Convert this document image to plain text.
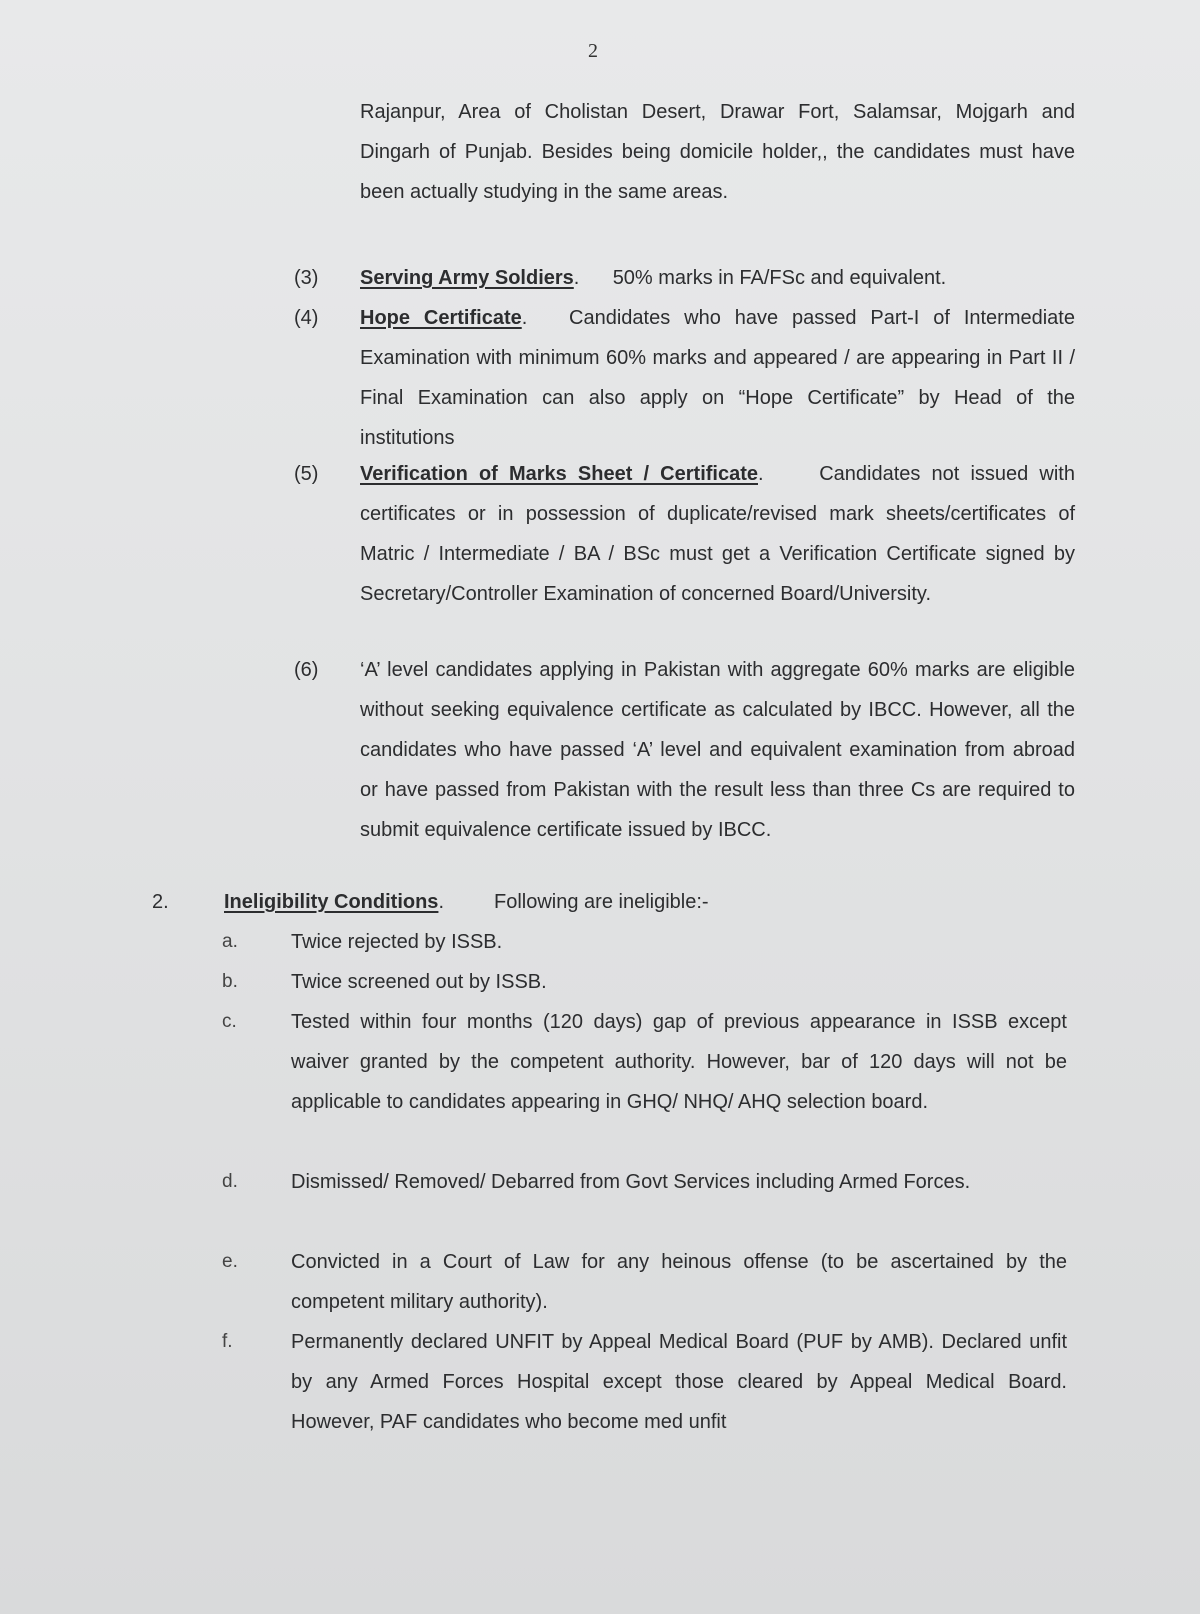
2
Rajanpur, Area of Cholistan Desert, Drawar Fort, Salamsar, Mojgarh and Dingarh of Punjab. Besides being domicile holder,, the candidates must have been actually studying in the same areas.
(3) Serving Army Soldiers.      50% marks in FA/FSc and equivalent.
(4) Hope Certificate.   Candidates who have passed Part-I of Intermediate Examination with minimum 60% marks and appeared / are appearing in Part II / Final Examination can also apply on “Hope Certificate” by Head of the institutions
(5) Verification of Marks Sheet / Certificate.     Candidates not issued with certificates or in possession of duplicate/revised mark sheets/certificates of Matric / Intermediate / BA / BSc must get a Verification Certificate signed by Secretary/Controller Examination of concerned Board/University.
(6) ‘A’ level candidates applying in Pakistan with aggregate 60% marks are eligible without seeking equivalence certificate as calculated by IBCC. However, all the candidates who have passed ‘A’ level and equivalent examination from abroad or have passed from Pakistan with the result less than three Cs are required to submit equivalence certificate issued by IBCC.
2.	Ineligibility Conditions.         Following are ineligible:-
a.	Twice rejected by ISSB.
b.	Twice screened out by ISSB.
c.	Tested within four months (120 days) gap of previous appearance in ISSB except waiver granted by the competent authority. However, bar of 120 days will not be applicable to candidates appearing in GHQ/ NHQ/ AHQ selection board.
d.	Dismissed/ Removed/ Debarred from Govt Services including Armed Forces.
e.	Convicted in a Court of Law for any heinous offense (to be ascertained by the competent military authority).
f.	Permanently declared UNFIT by Appeal Medical Board (PUF by AMB). Declared unfit by any Armed Forces Hospital except those cleared by Appeal Medical Board. However, PAF candidates who become med unfit
